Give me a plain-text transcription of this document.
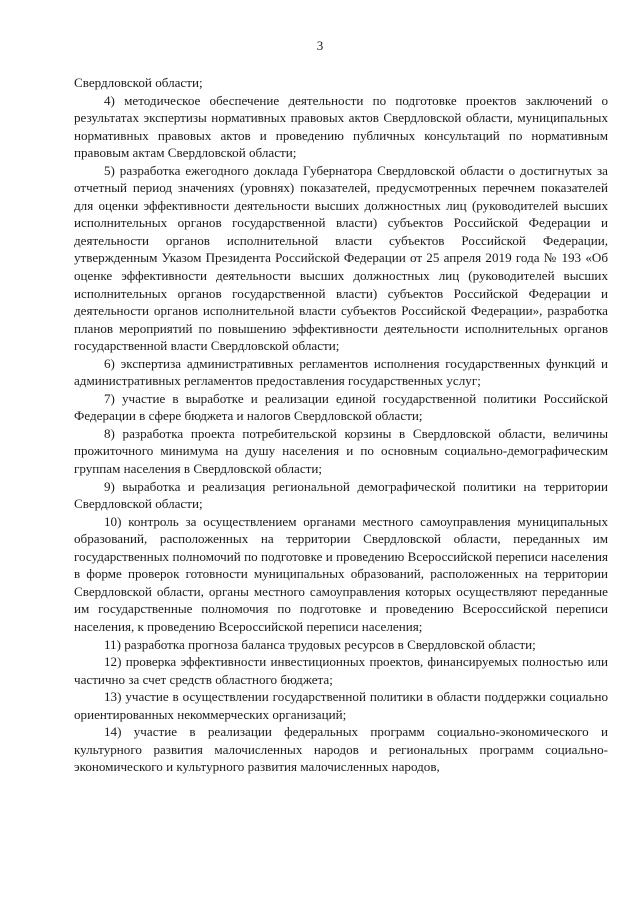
3

Свердловской области;

4) методическое обеспечение деятельности по подготовке проектов заключений о результатах экспертизы нормативных правовых актов Свердловской области, муниципальных нормативных правовых актов и проведению публичных консультаций по нормативным правовым актам Свердловской области;

5) разработка ежегодного доклада Губернатора Свердловской области о достигнутых за отчетный период значениях (уровнях) показателей, предусмотренных перечнем показателей для оценки эффективности деятельности высших должностных лиц (руководителей высших исполнительных органов государственной власти) субъектов Российской Федерации и деятельности органов исполнительной власти субъектов Российской Федерации, утвержденным Указом Президента Российской Федерации от 25 апреля 2019 года № 193 «Об оценке эффективности деятельности высших должностных лиц (руководителей высших исполнительных органов государственной власти) субъектов Российской Федерации и деятельности органов исполнительной власти субъектов Российской Федерации», разработка планов мероприятий по повышению эффективности деятельности исполнительных органов государственной власти Свердловской области;

6) экспертиза административных регламентов исполнения государственных функций и административных регламентов предоставления государственных услуг;

7) участие в выработке и реализации единой государственной политики Российской Федерации в сфере бюджета и налогов Свердловской области;

8) разработка проекта потребительской корзины в Свердловской области, величины прожиточного минимума на душу населения и по основным социально-демографическим группам населения в Свердловской области;

9) выработка и реализация региональной демографической политики на территории Свердловской области;

10) контроль за осуществлением органами местного самоуправления муниципальных образований, расположенных на территории Свердловской области, переданных им государственных полномочий по подготовке и проведению Всероссийской переписи населения в форме проверок готовности муниципальных образований, расположенных на территории Свердловской области, органы местного самоуправления которых осуществляют переданные им государственные полномочия по подготовке и проведению Всероссийской переписи населения, к проведению Всероссийской переписи населения;

11) разработка прогноза баланса трудовых ресурсов в Свердловской области;

12) проверка эффективности инвестиционных проектов, финансируемых полностью или частично за счет средств областного бюджета;

13) участие в осуществлении государственной политики в области поддержки социально ориентированных некоммерческих организаций;

14) участие в реализации федеральных программ социально-экономического и культурного развития малочисленных народов и региональных программ социально-экономического и культурного развития малочисленных народов,
